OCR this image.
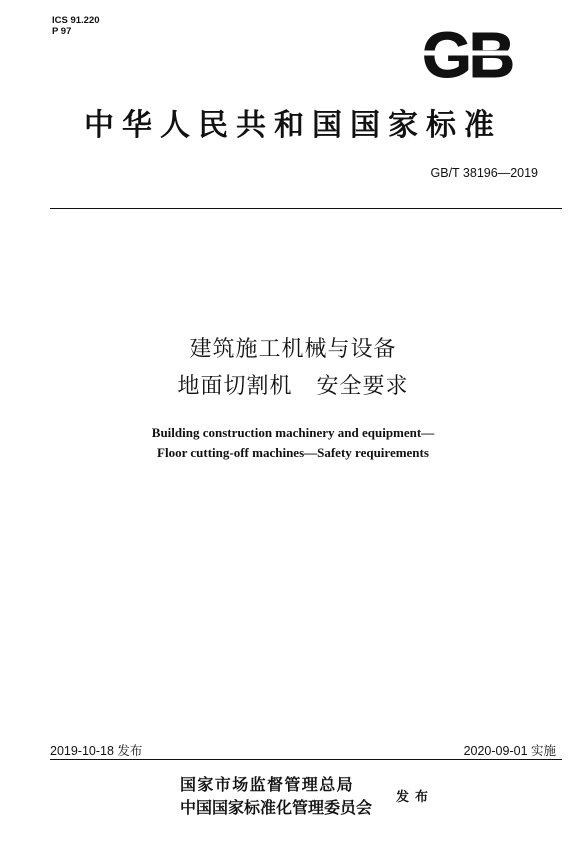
ICS 91.220
P 97	GB
中华人民共和国国家标准
GB/T 38196—2019
建筑施工机械与设备
地面切割机   安全要求
Building construction machinery and equipment—
Floor cutting-off machines—Safety requirements
2019-10-18 发布	2020-09-01 实施
国家市场监督管理总局
中国国家标准化管理委员会
发布
